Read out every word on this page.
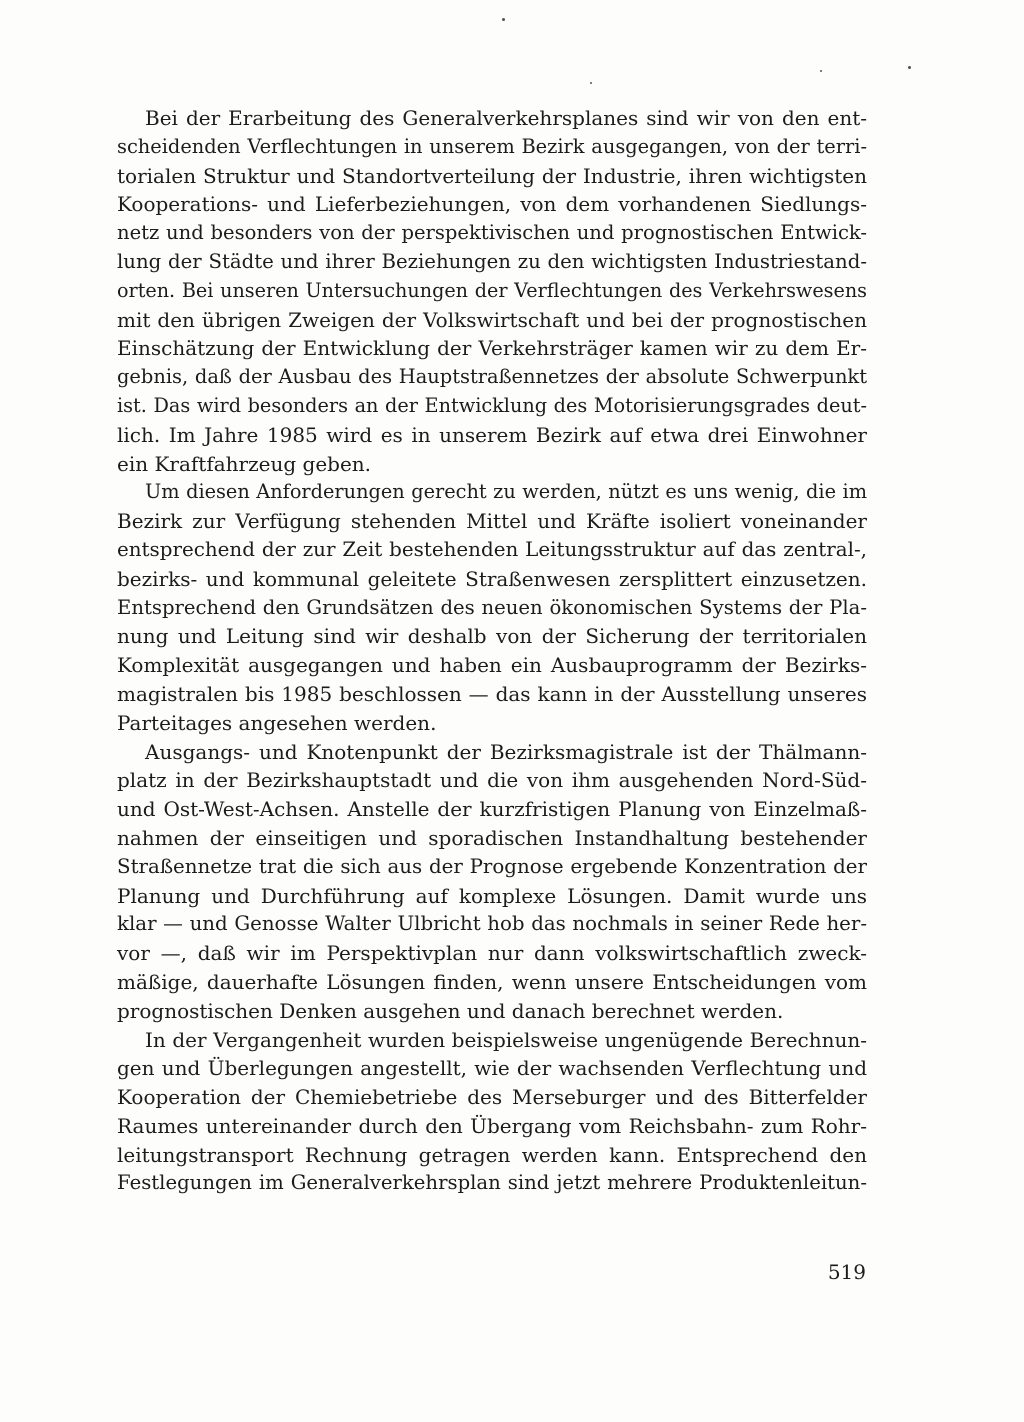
Bei der Erarbeitung des Generalverkehrsplanes sind wir von den ent-
scheidenden Verflechtungen in unserem Bezirk ausgegangen, von der terri-
torialen Struktur und Standortverteilung der Industrie, ihren wichtigsten
Kooperations- und Lieferbeziehungen, von dem vorhandenen Siedlungs-
netz und besonders von der perspektivischen und prognostischen Entwick-
lung der Städte und ihrer Beziehungen zu den wichtigsten Industriestand-
orten. Bei unseren Untersuchungen der Verflechtungen des Verkehrswesens
mit den übrigen Zweigen der Volkswirtschaft und bei der prognostischen
Einschätzung der Entwicklung der Verkehrsträger kamen wir zu dem Er-
gebnis, daß der Ausbau des Hauptstraßennetzes der absolute Schwerpunkt
ist. Das wird besonders an der Entwicklung des Motorisierungsgrades deut-
lich. Im Jahre 1985 wird es in unserem Bezirk auf etwa drei Einwohner
ein Kraftfahrzeug geben.
Um diesen Anforderungen gerecht zu werden, nützt es uns wenig, die im
Bezirk zur Verfügung stehenden Mittel und Kräfte isoliert voneinander
entsprechend der zur Zeit bestehenden Leitungsstruktur auf das zentral-,
bezirks- und kommunal geleitete Straßenwesen zersplittert einzusetzen.
Entsprechend den Grundsätzen des neuen ökonomischen Systems der Pla-
nung und Leitung sind wir deshalb von der Sicherung der territorialen
Komplexität ausgegangen und haben ein Ausbauprogramm der Bezirks-
magistralen bis 1985 beschlossen — das kann in der Ausstellung unseres
Parteitages angesehen werden.
Ausgangs- und Knotenpunkt der Bezirksmagistrale ist der Thälmann-
platz in der Bezirkshauptstadt und die von ihm ausgehenden Nord-Süd-
und Ost-West-Achsen. Anstelle der kurzfristigen Planung von Einzelmaß-
nahmen der einseitigen und sporadischen Instandhaltung bestehender
Straßennetze trat die sich aus der Prognose ergebende Konzentration der
Planung und Durchführung auf komplexe Lösungen. Damit wurde uns
klar — und Genosse Walter Ulbricht hob das nochmals in seiner Rede her-
vor —, daß wir im Perspektivplan nur dann volkswirtschaftlich zweck-
mäßige, dauerhafte Lösungen finden, wenn unsere Entscheidungen vom
prognostischen Denken ausgehen und danach berechnet werden.
In der Vergangenheit wurden beispielsweise ungenügende Berechnun-
gen und Überlegungen angestellt, wie der wachsenden Verflechtung und
Kooperation der Chemiebetriebe des Merseburger und des Bitterfelder
Raumes untereinander durch den Übergang vom Reichsbahn- zum Rohr-
leitungstransport Rechnung getragen werden kann. Entsprechend den
Festlegungen im Generalverkehrsplan sind jetzt mehrere Produktenleitun-
519
